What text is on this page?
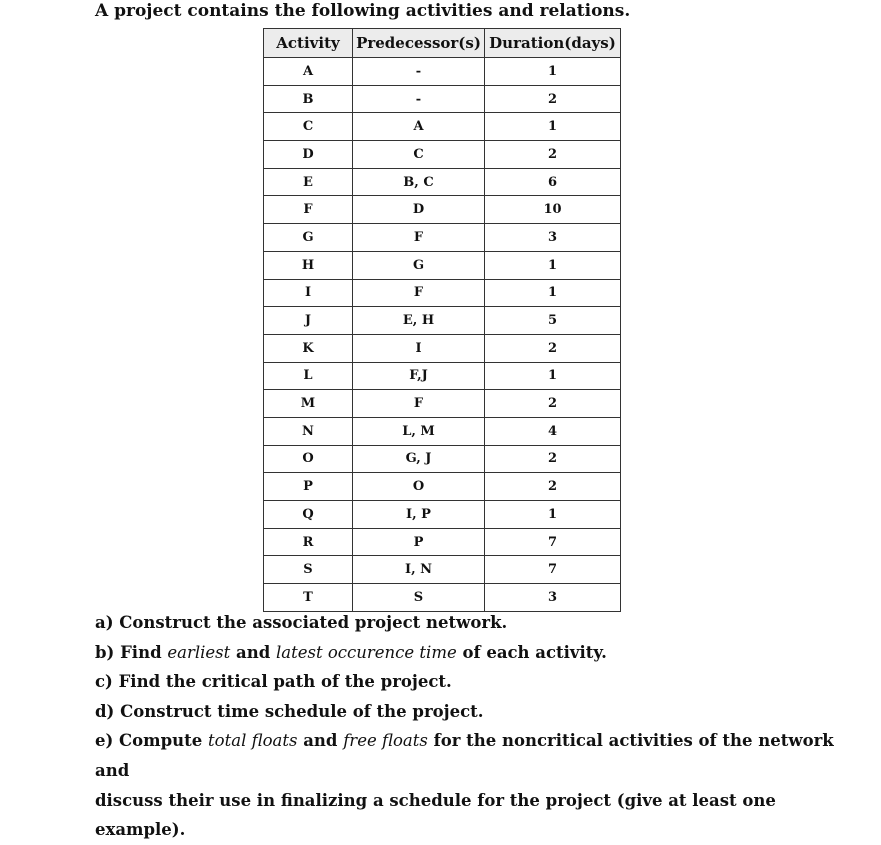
A project contains the following activities and relations.
Activity	Predecessor(s)	Duration(days)
A	-	1
B	-	2
C	A	1
D	C	2
E	B, C	6
F	D	10
G	F	3
H	G	1
I	F	1
J	E, H	5
K	I	2
L	F,J	1
M	F	2
N	L, M	4
O	G, J	2
P	O	2
Q	I, P	1
R	P	7
S	I, N	7
T	S	3

a) Construct the associated project network.

b) Find earliest and latest occurence time of each activity.

c) Find the critical path of the project.

d) Construct time schedule of the project.

e) Compute total floats and free floats for the noncritical activities of the network and

discuss their use in finalizing a schedule for the project (give at least one example).
